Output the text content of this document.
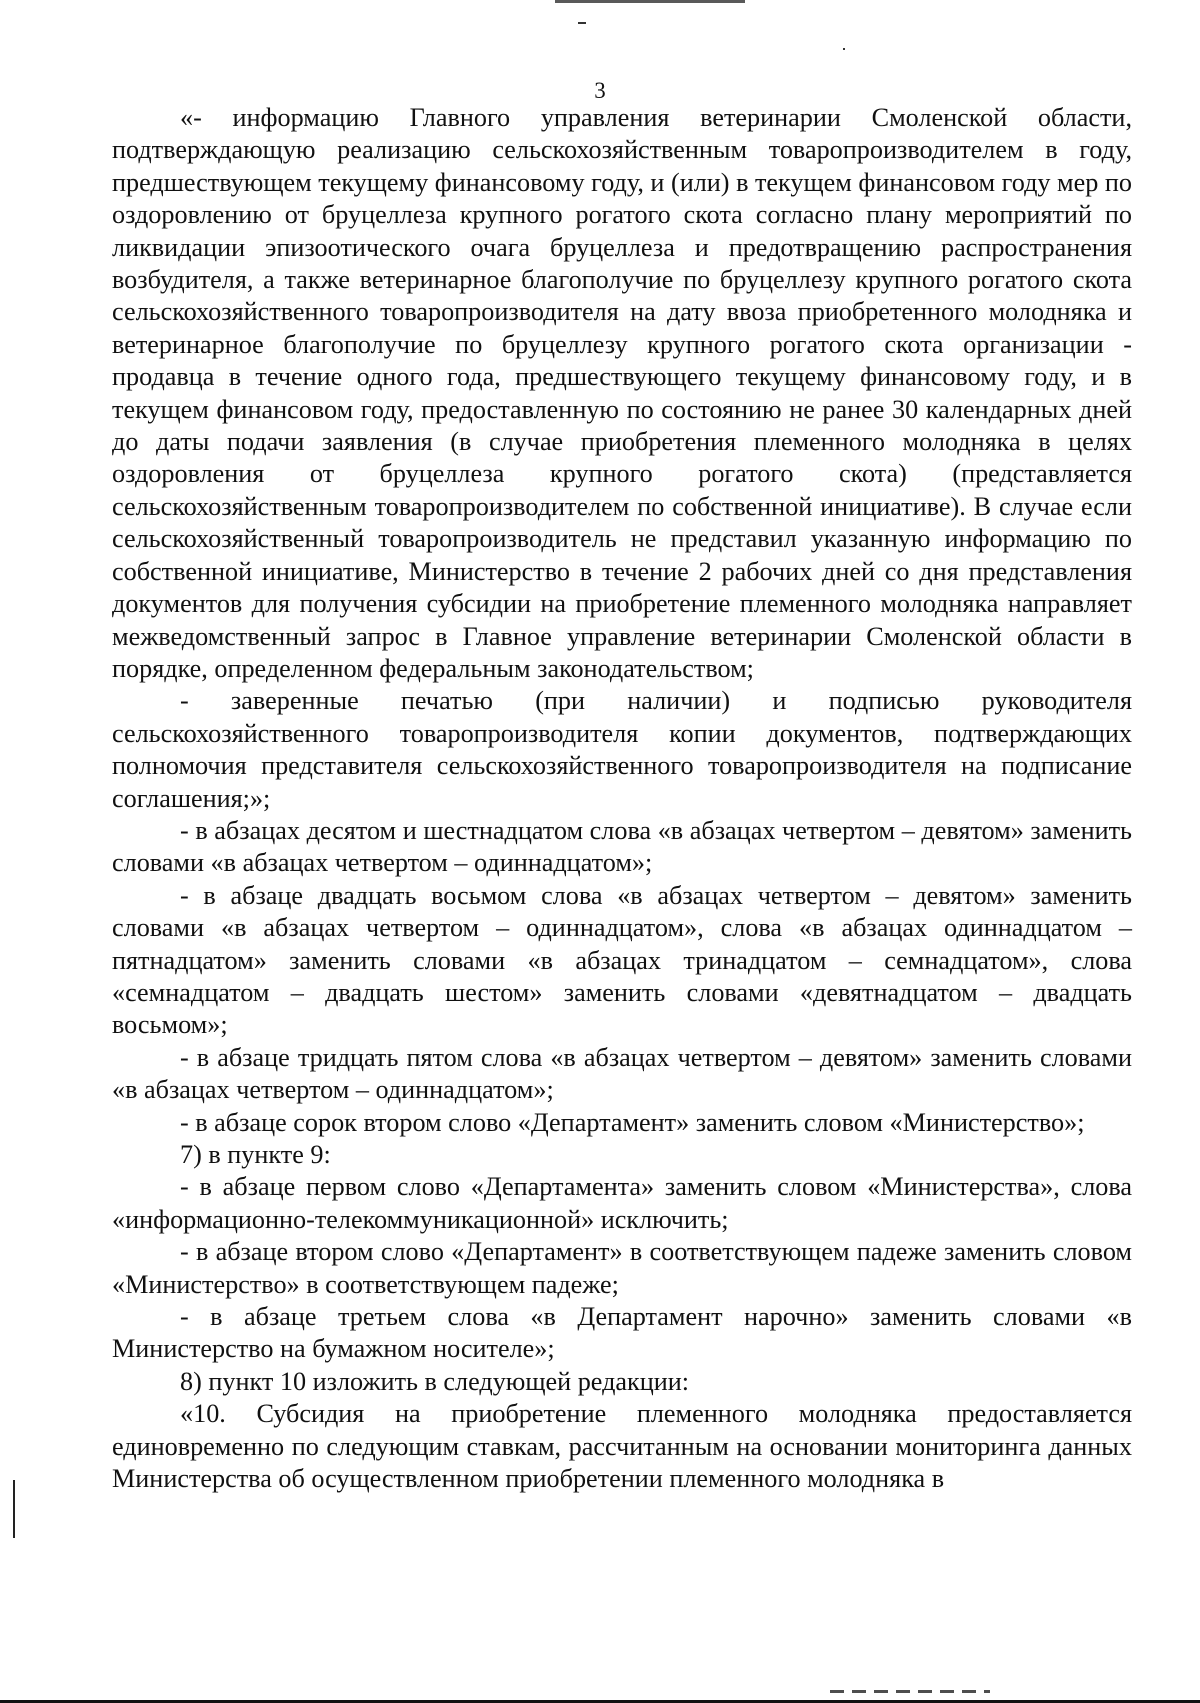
3

«- информацию Главного управления ветеринарии Смоленской области, подтверждающую реализацию сельскохозяйственным товаропроизводителем в году, предшествующем текущему финансовому году, и (или) в текущем финансовом году мер по оздоровлению от бруцеллеза крупного рогатого скота согласно плану мероприятий по ликвидации эпизоотического очага бруцеллеза и предотвращению распространения возбудителя, а также ветеринарное благополучие по бруцеллезу крупного рогатого скота сельскохозяйственного товаропроизводителя на дату ввоза приобретенного молодняка и ветеринарное благополучие по бруцеллезу крупного рогатого скота организации - продавца в течение одного года, предшествующего текущему финансовому году, и в текущем финансовом году, предоставленную по состоянию не ранее 30 календарных дней до даты подачи заявления (в случае приобретения племенного молодняка в целях оздоровления от бруцеллеза крупного рогатого скота) (представляется сельскохозяйственным товаропроизводителем по собственной инициативе). В случае если сельскохозяйственный товаропроизводитель не представил указанную информацию по собственной инициативе, Министерство в течение 2 рабочих дней со дня представления документов для получения субсидии на приобретение племенного молодняка направляет межведомственный запрос в Главное управление ветеринарии Смоленской области в порядке, определенном федеральным законодательством;

- заверенные печатью (при наличии) и подписью руководителя сельскохозяйственного товаропроизводителя копии документов, подтверждающих полномочия представителя сельскохозяйственного товаропроизводителя на подписание соглашения;»;

- в абзацах десятом и шестнадцатом слова «в абзацах четвертом – девятом» заменить словами «в абзацах четвертом – одиннадцатом»;

- в абзаце двадцать восьмом слова «в абзацах четвертом – девятом» заменить словами «в абзацах четвертом – одиннадцатом», слова «в абзацах одиннадцатом – пятнадцатом» заменить словами «в абзацах тринадцатом – семнадцатом», слова «семнадцатом – двадцать шестом» заменить словами «девятнадцатом – двадцать восьмом»;

- в абзаце тридцать пятом слова «в абзацах четвертом – девятом» заменить словами «в абзацах четвертом – одиннадцатом»;

- в абзаце сорок втором слово «Департамент» заменить словом «Министерство»;

7) в пункте 9:

- в абзаце первом слово «Департамента» заменить словом «Министерства», слова «информационно-телекоммуникационной» исключить;

- в абзаце втором слово «Департамент» в соответствующем падеже заменить словом «Министерство» в соответствующем падеже;

- в абзаце третьем слова «в Департамент нарочно» заменить словами «в Министерство на бумажном носителе»;

8) пункт 10 изложить в следующей редакции:

«10. Субсидия на приобретение племенного молодняка предоставляется единовременно по следующим ставкам, рассчитанным на основании мониторинга данных Министерства об осуществленном приобретении племенного молодняка в
